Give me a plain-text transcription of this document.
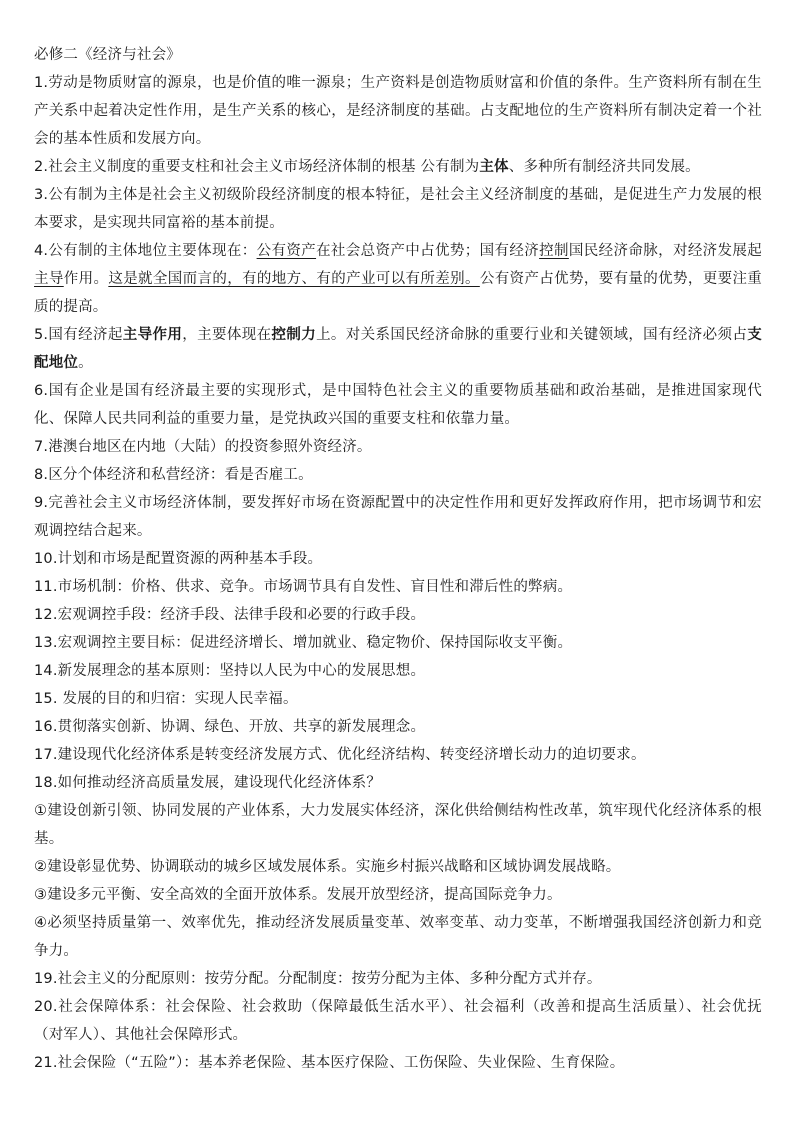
必修二《经济与社会》

1.劳动是物质财富的源泉，也是价值的唯一源泉；生产资料是创造物质财富和价值的条件。生产资料所有制在生产关系中起着决定性作用，是生产关系的核心，是经济制度的基础。占支配地位的生产资料所有制决定着一个社会的基本性质和发展方向。

2.社会主义制度的重要支柱和社会主义市场经济体制的根基 公有制为主体、多种所有制经济共同发展。

3.公有制为主体是社会主义初级阶段经济制度的根本特征，是社会主义经济制度的基础，是促进生产力发展的根本要求，是实现共同富裕的基本前提。

4.公有制的主体地位主要体现在：公有资产在社会总资产中占优势；国有经济控制国民经济命脉，对经济发展起主导作用。这是就全国而言的，有的地方、有的产业可以有所差别。公有资产占优势，要有量的优势，更要注重质的提高。

5.国有经济起主导作用，主要体现在控制力上。对关系国民经济命脉的重要行业和关键领域，国有经济必须占支配地位。

6.国有企业是国有经济最主要的实现形式，是中国特色社会主义的重要物质基础和政治基础，是推进国家现代化、保障人民共同利益的重要力量，是党执政兴国的重要支柱和依靠力量。

7.港澳台地区在内地（大陆）的投资参照外资经济。

8.区分个体经济和私营经济：看是否雇工。

9.完善社会主义市场经济体制，要发挥好市场在资源配置中的决定性作用和更好发挥政府作用，把市场调节和宏观调控结合起来。

10.计划和市场是配置资源的两种基本手段。

11.市场机制：价格、供求、竞争。市场调节具有自发性、盲目性和滞后性的弊病。

12.宏观调控手段：经济手段、法律手段和必要的行政手段。

13.宏观调控主要目标：促进经济增长、增加就业、稳定物价、保持国际收支平衡。

14.新发展理念的基本原则：坚持以人民为中心的发展思想。

15. 发展的目的和归宿：实现人民幸福。

16.贯彻落实创新、协调、绿色、开放、共享的新发展理念。

17.建设现代化经济体系是转变经济发展方式、优化经济结构、转变经济增长动力的迫切要求。

18.如何推动经济高质量发展，建设现代化经济体系？

①建设创新引领、协同发展的产业体系，大力发展实体经济，深化供给侧结构性改革，筑牢现代化经济体系的根基。

②建设彰显优势、协调联动的城乡区域发展体系。实施乡村振兴战略和区域协调发展战略。

③建设多元平衡、安全高效的全面开放体系。发展开放型经济，提高国际竞争力。

④必须坚持质量第一、效率优先，推动经济发展质量变革、效率变革、动力变革，不断增强我国经济创新力和竞争力。

19.社会主义的分配原则：按劳分配。分配制度：按劳分配为主体、多种分配方式并存。

20.社会保障体系：社会保险、社会救助（保障最低生活水平）、社会福利（改善和提高生活质量）、社会优抚（对军人）、其他社会保障形式。

21.社会保险（“五险”）：基本养老保险、基本医疗保险、工伤保险、失业保险、生育保险。
